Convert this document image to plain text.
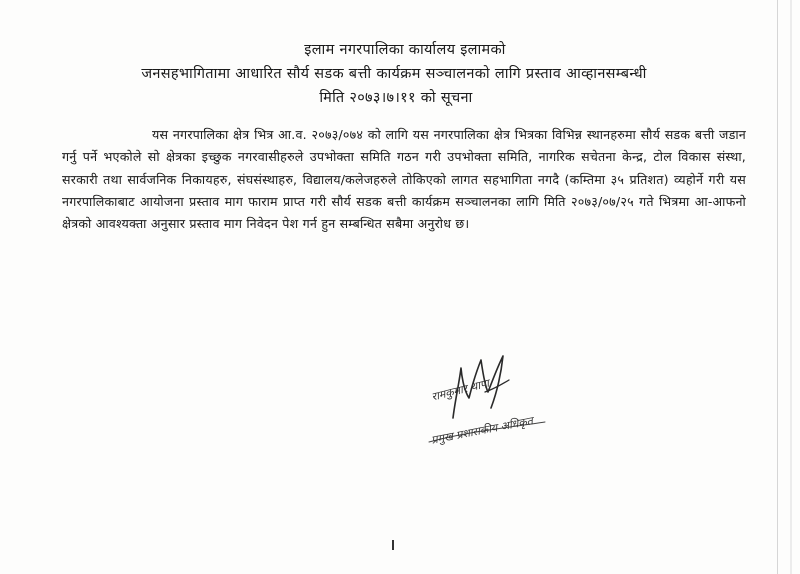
इलाम नगरपालिका कार्यालय इलामको
जनसहभागितामा आधारित सौर्य सडक बत्ती कार्यक्रम सञ्चालनको लागि प्रस्ताव आव्हानसम्बन्धी
मिति २०७३।७।११ को सूचना
यस नगरपालिका क्षेत्र भित्र आ.व. २०७३/०७४ को लागि यस नगरपालिका क्षेत्र भित्रका विभिन्न स्थानहरुमा सौर्य सडक बत्ती जडान गर्नु पर्ने भएकोले सो क्षेत्रका इच्छुक नगरवासीहरुले उपभोक्ता समिति गठन गरी उपभोक्ता समिति, नागरिक सचेतना केन्द्र, टोल विकास संस्था, सरकारी तथा सार्वजनिक निकायहरु, संघसंस्थाहरु, विद्यालय/कलेजहरुले तोकिएको लागत सहभागिता नगदै (कम्तिमा ३५ प्रतिशत) व्यहोर्ने गरी यस नगरपालिकाबाट आयोजना प्रस्ताव माग फाराम प्राप्त गरी सौर्य सडक बत्ती कार्यक्रम सञ्चालनका लागि मिति २०७३/०७/२५ गते भित्रमा आ-आफनो क्षेत्रको आवश्यक्ता अनुसार प्रस्ताव माग निवेदन पेश गर्न हुन सम्बन्धित सबैमा अनुरोध छ।
रामकुमार थापा
प्रमुख प्रशासकीय अधिकृत
